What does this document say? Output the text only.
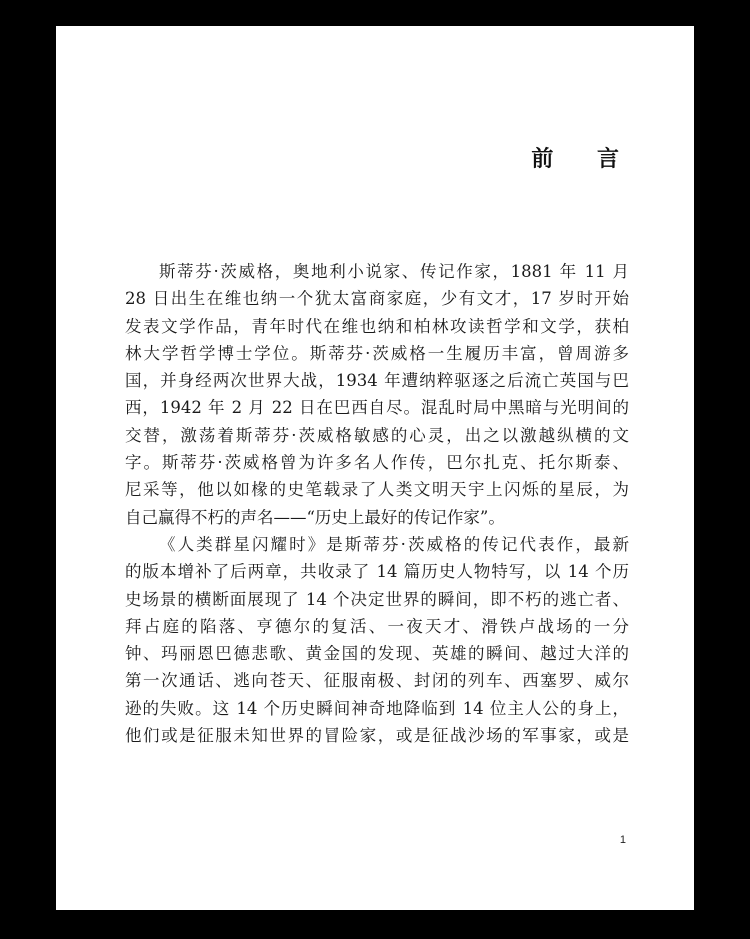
前 言
斯蒂芬·茨威格，奥地利小说家、传记作家，1881 年 11 月
28 日出生在维也纳一个犹太富商家庭，少有文才，17 岁时开始
发表文学作品，青年时代在维也纳和柏林攻读哲学和文学，获柏
林大学哲学博士学位。斯蒂芬·茨威格一生履历丰富，曾周游多
国，并身经两次世界大战，1934 年遭纳粹驱逐之后流亡英国与巴
西，1942 年 2 月 22 日在巴西自尽。混乱时局中黑暗与光明间的
交替，激荡着斯蒂芬·茨威格敏感的心灵，出之以激越纵横的文
字。斯蒂芬·茨威格曾为许多名人作传，巴尔扎克、托尔斯泰、
尼采等，他以如椽的史笔载录了人类文明天宇上闪烁的星辰，为
自己赢得不朽的声名——“历史上最好的传记作家”。
《人类群星闪耀时》是斯蒂芬·茨威格的传记代表作，最新
的版本增补了后两章，共收录了 14 篇历史人物特写，以 14 个历
史场景的横断面展现了 14 个决定世界的瞬间，即不朽的逃亡者、
拜占庭的陷落、亨德尔的复活、一夜天才、滑铁卢战场的一分
钟、玛丽恩巴德悲歌、黄金国的发现、英雄的瞬间、越过大洋的
第一次通话、逃向苍天、征服南极、封闭的列车、西塞罗、威尔
逊的失败。这 14 个历史瞬间神奇地降临到 14 位主人公的身上，
他们或是征服未知世界的冒险家，或是征战沙场的军事家，或是
1
